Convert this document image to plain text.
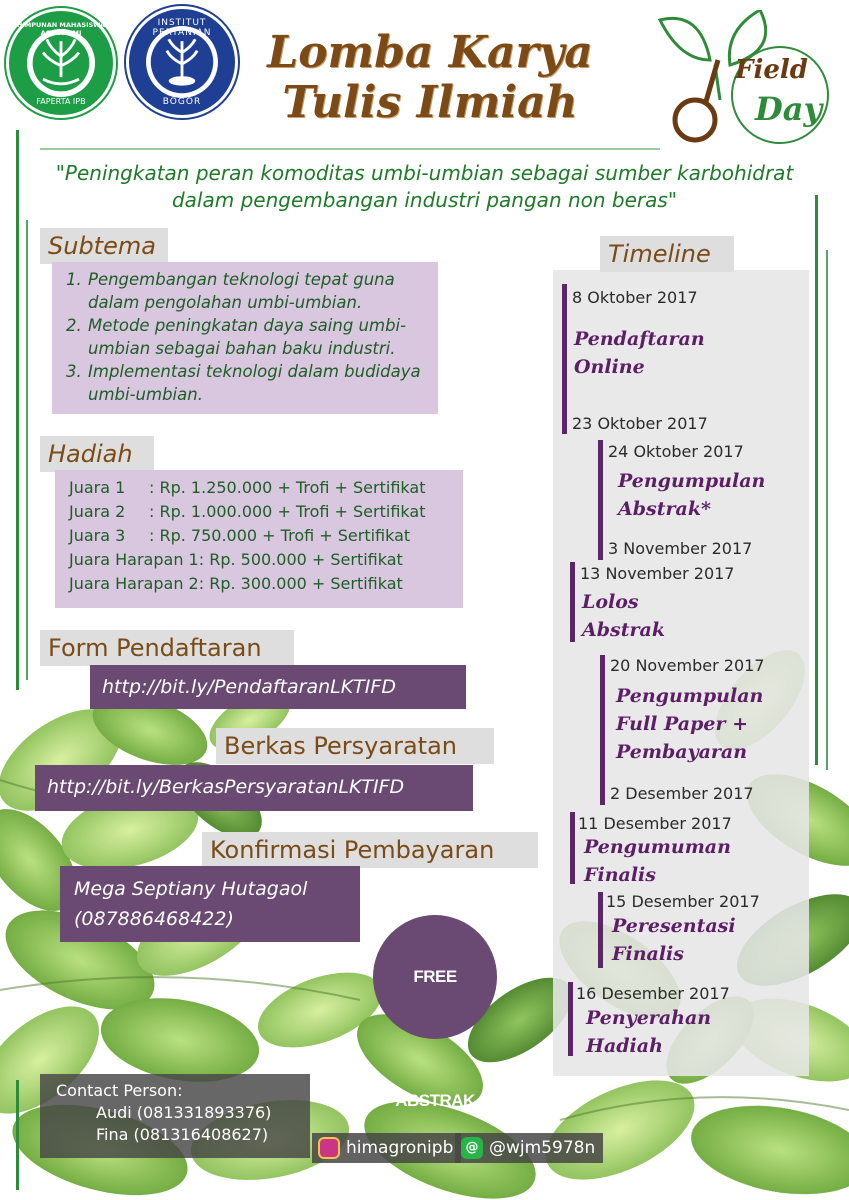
HIMPUNAN MAHASISWA AGRONOMI
FAPERTA IPB
INSTITUT PERTANIAN
BOGOR
Field
Day
Lomba Karya
Tulis Ilmiah
"Peningkatan peran komoditas umbi-umbian sebagai sumber karbohidrat
dalam pengembangan industri pangan non beras"
Subtema
1. Pengembangan teknologi tepat guna
dalam pengolahan umbi-umbian.
2. Metode peningkatan daya saing umbi-
umbian sebagai bahan baku industri.
3. Implementasi teknologi dalam budidaya
umbi-umbian.
Hadiah
Juara 1	: Rp. 1.250.000 + Trofi + Sertifikat
Juara 2	: Rp. 1.000.000 + Trofi + Sertifikat
Juara 3	: Rp. 750.000 + Trofi + Sertifikat
Juara Harapan 1 : Rp. 500.000 + Sertifikat
Juara Harapan 2 : Rp. 300.000 + Sertifikat
Form Pendaftaran
http://bit.ly/PendaftaranLKTIFD
Berkas Persyaratan
http://bit.ly/BerkasPersyaratanLKTIFD
Konfirmasi Pembayaran
Mega Septiany Hutagaol
(087886468422)
FREE ABSTRAK
Timeline
8 Oktober 2017
Pendaftaran
Online
23 Oktober 2017
24 Oktober 2017
Pengumpulan
Abstrak*
3 November 2017
13 November 2017
Lolos
Abstrak
20 November 2017
Pengumpulan
Full Paper +
Pembayaran
2 Desember 2017
11 Desember 2017
Pengumuman
Finalis
15 Desember 2017
Peresentasi
Finalis
16 Desember 2017
Penyerahan
Hadiah
Contact Person:
Audi (081331893376)
Fina (081316408627)
himagronipb @ @wjm5978n
